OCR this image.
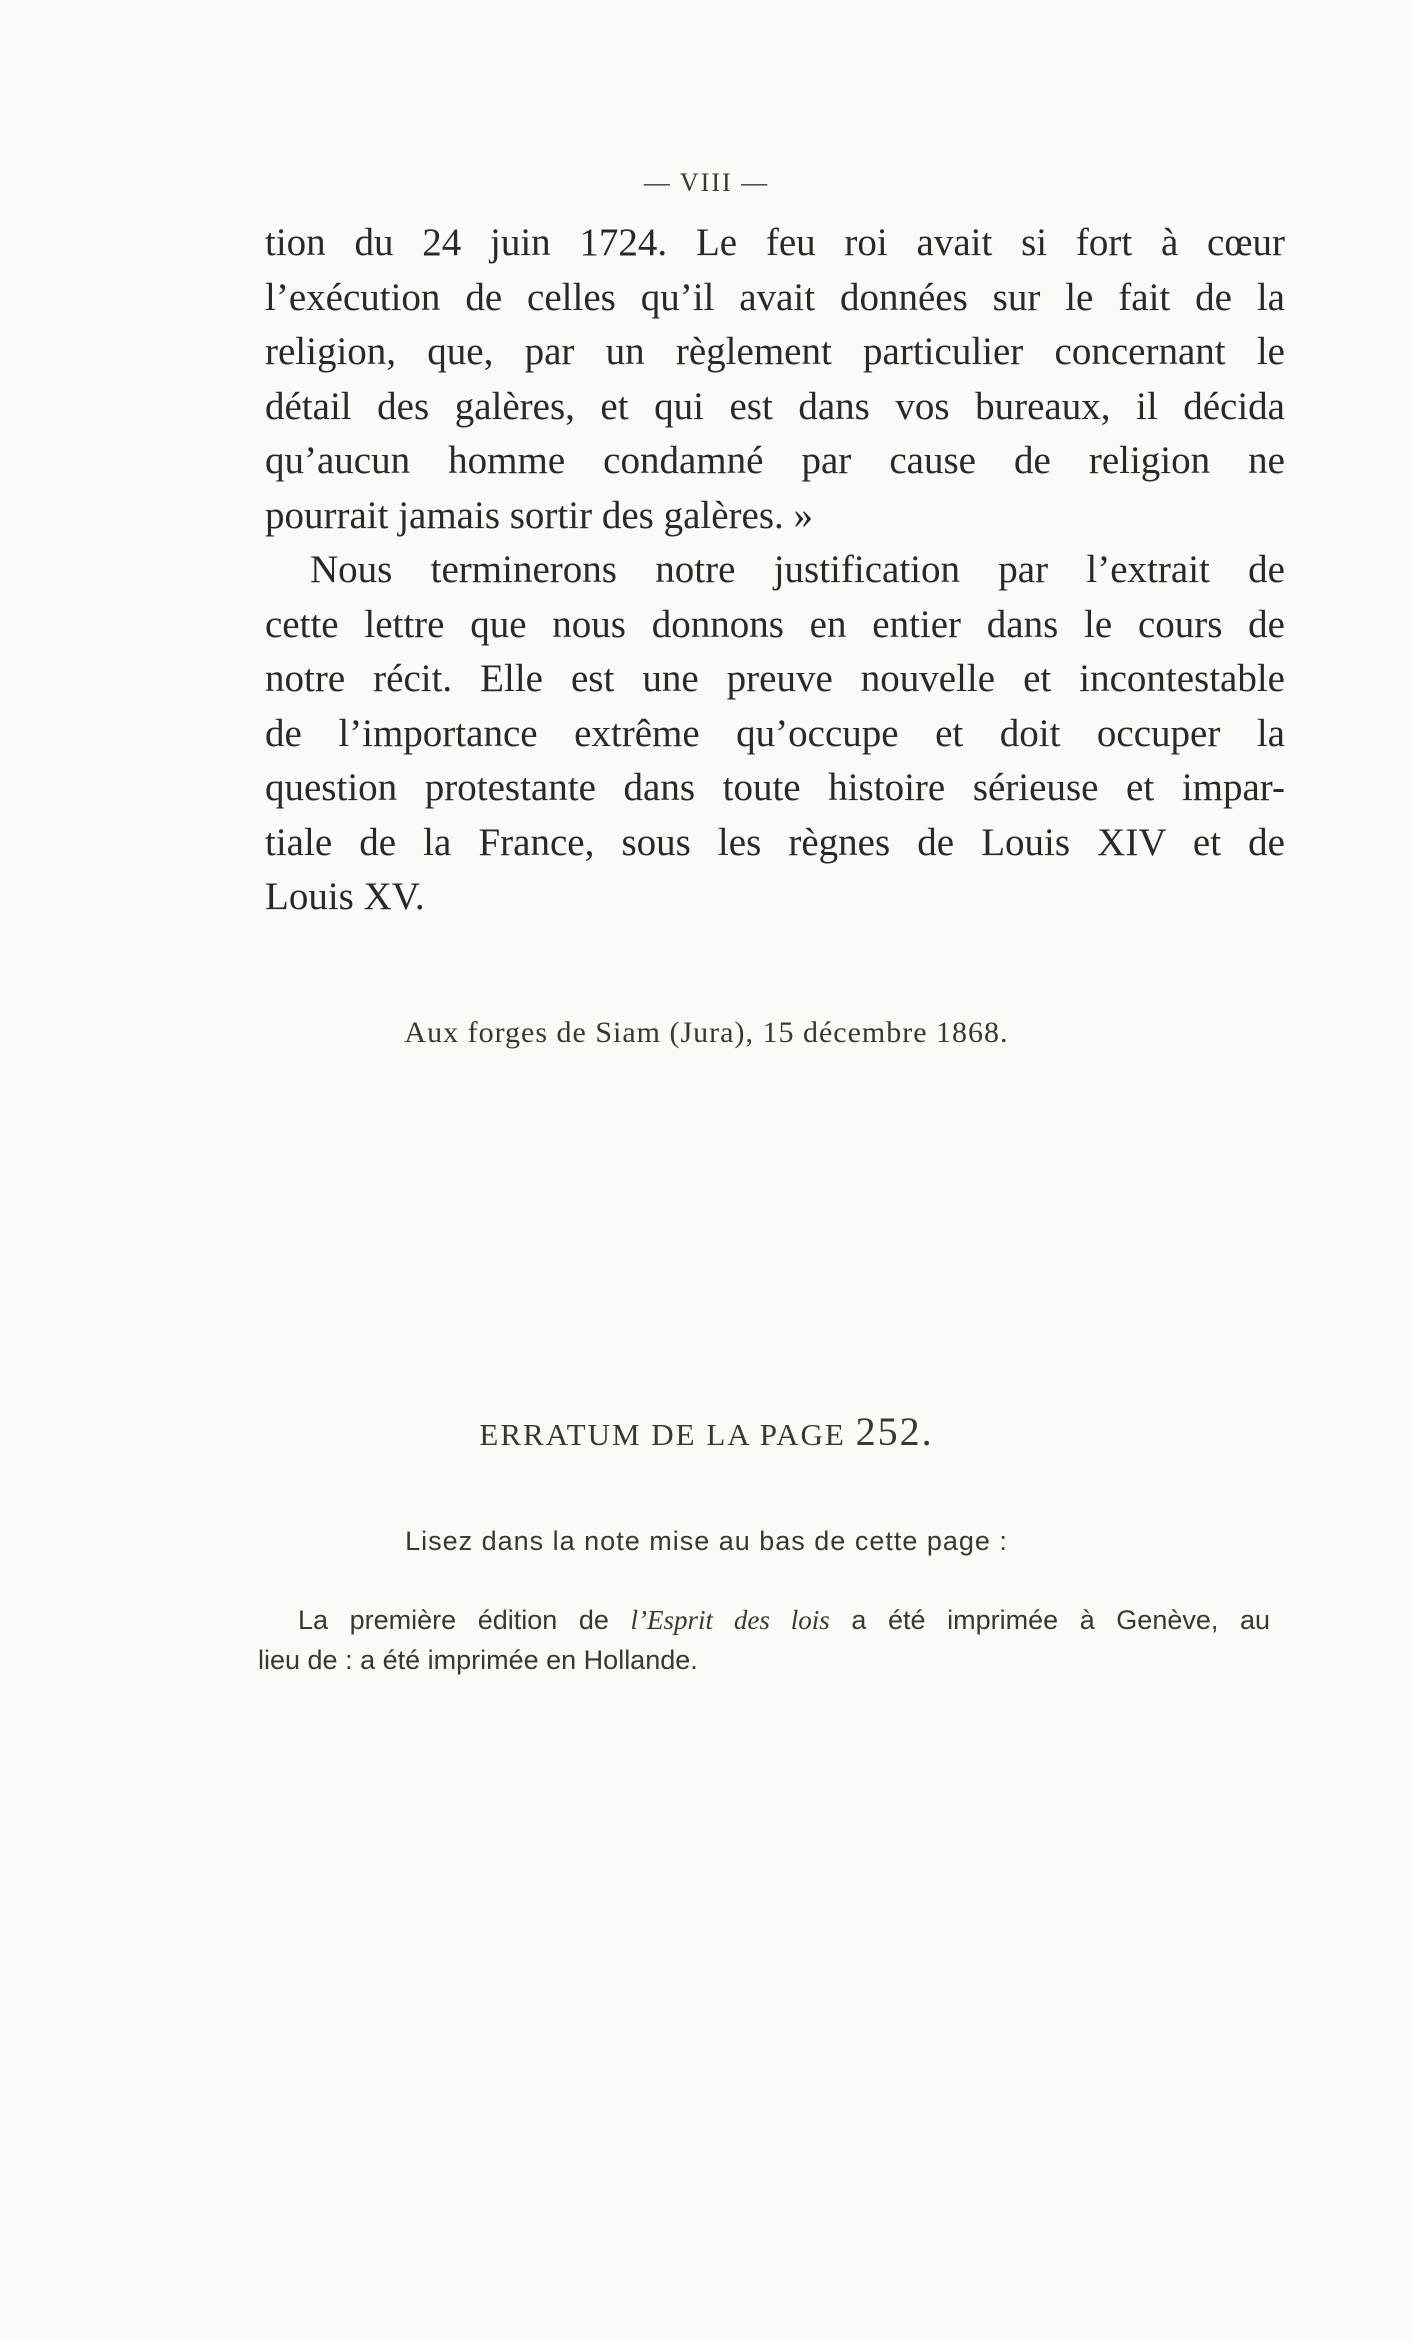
— VIII —

tion du 24 juin 1724. Le feu roi avait si fort à cœur
l’exécution de celles qu’il avait données sur le fait de la
religion, que, par un règlement particulier concernant le
détail des galères, et qui est dans vos bureaux, il décida
qu’aucun homme condamné par cause de religion ne
pourrait jamais sortir des galères. »

Nous terminerons notre justification par l’extrait de
cette lettre que nous donnons en entier dans le cours de
notre récit. Elle est une preuve nouvelle et incontestable
de l’importance extrême qu’occupe et doit occuper la
question protestante dans toute histoire sérieuse et impar-
tiale de la France, sous les règnes de Louis XIV et de
Louis XV.

Aux forges de Siam (Jura), 15 décembre 1868.
ERRATUM DE LA PAGE 252.
Lisez dans la note mise au bas de cette page :
La première édition de l’Esprit des lois a été imprimée à Genève, au
lieu de : a été imprimée en Hollande.
